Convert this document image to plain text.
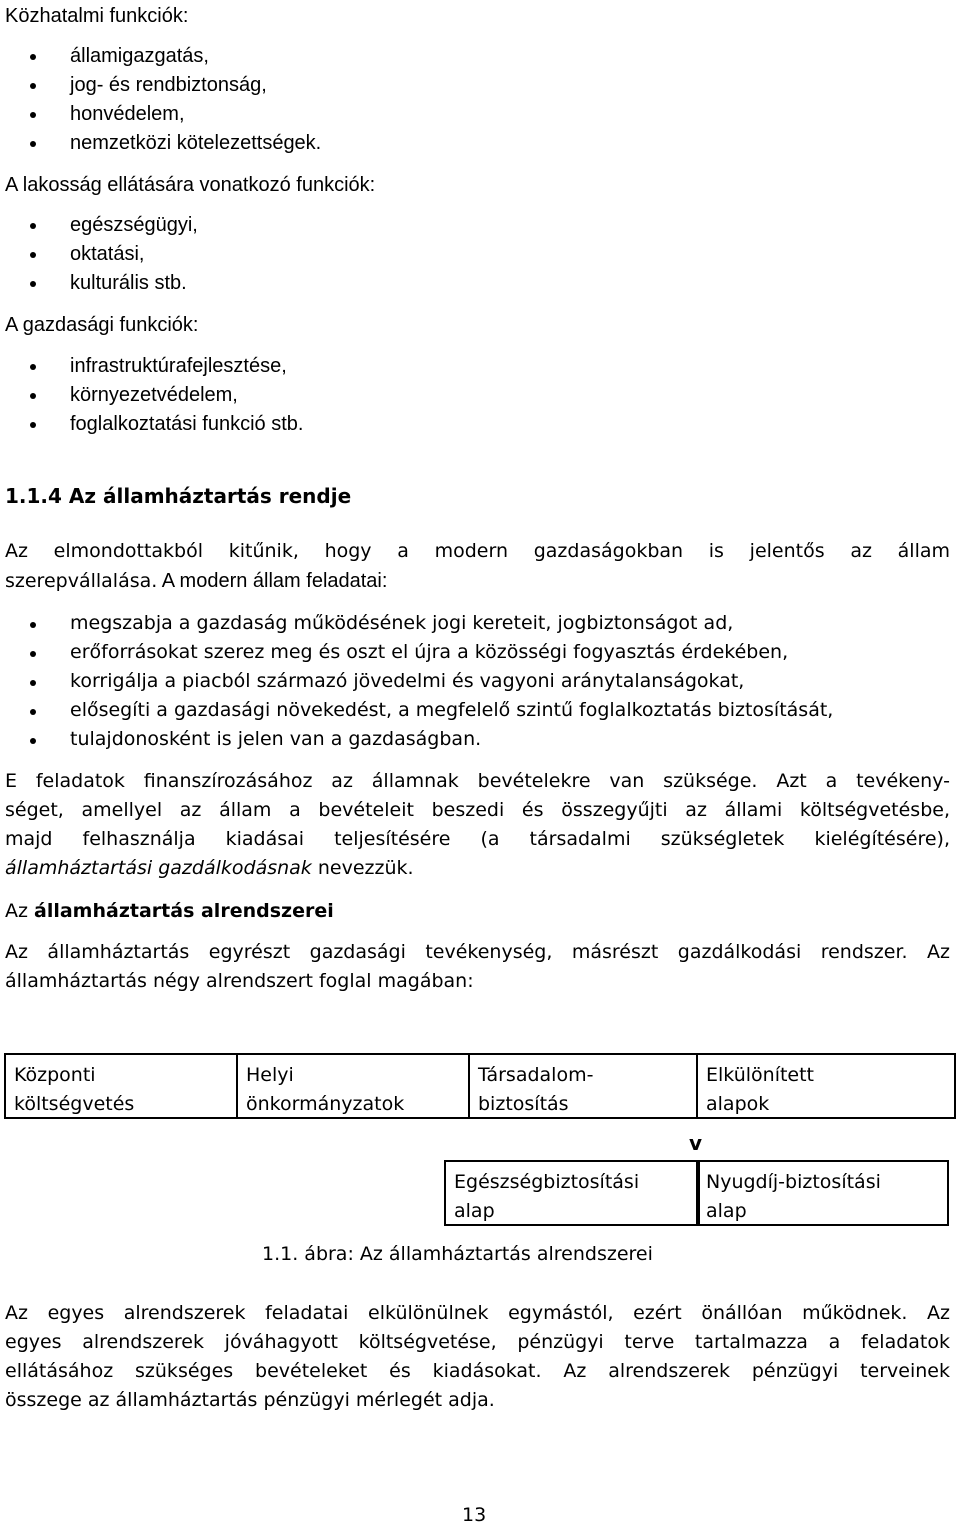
Közhatalmi funkciók:
államigazgatás,
jog- és rendbiztonság,
honvédelem,
nemzetközi kötelezettségek.
A lakosság ellátására vonatkozó funkciók:
egészségügyi,
oktatási,
kulturális stb.
A gazdasági funkciók:
infrastruktúrafejlesztése,
környezetvédelem,
foglalkoztatási funkció stb.
1.1.4 Az államháztartás rendje
Az elmondottakból kitűnik, hogy a modern gazdaságokban is jelentős az állam
szerepvállalása. A modern állam feladatai:
megszabja a gazdaság működésének jogi kereteit, jogbiztonságot ad,
erőforrásokat szerez meg és oszt el újra a közösségi fogyasztás érdekében,
korrigálja a piacból származó jövedelmi és vagyoni aránytalanságokat,
elősegíti a gazdasági növekedést, a megfelelő szintű foglalkoztatás biztosítását,
tulajdonosként is jelen van a gazdaságban.
E feladatok finanszírozásához az államnak bevételekre van szüksége. Azt a tevékeny-
séget, amellyel az állam a bevételeit beszedi és összegyűjti az állami költségvetésbe,
majd felhasználja kiadásai teljesítésére (a társadalmi szükségletek kielégítésére),
államháztartási gazdálkodásnak nevezzük.
Az államháztartás alrendszerei
Az államháztartás egyrészt gazdasági tevékenység, másrészt gazdálkodási rendszer. Az
államháztartás négy alrendszert foglal magában:
Központi
költségvetés
Helyi
önkormányzatok
Társadalom-
biztosítás
Elkülönített
alapok
v
Egészségbiztosítási
alap
Nyugdíj-biztosítási
alap
1.1. ábra: Az államháztartás alrendszerei
Az egyes alrendszerek feladatai elkülönülnek egymástól, ezért önállóan működnek. Az
egyes alrendszerek jóváhagyott költségvetése, pénzügyi terve tartalmazza a feladatok
ellátásához szükséges bevételeket és kiadásokat. Az alrendszerek pénzügyi terveinek
összege az államháztartás pénzügyi mérlegét adja.
13
